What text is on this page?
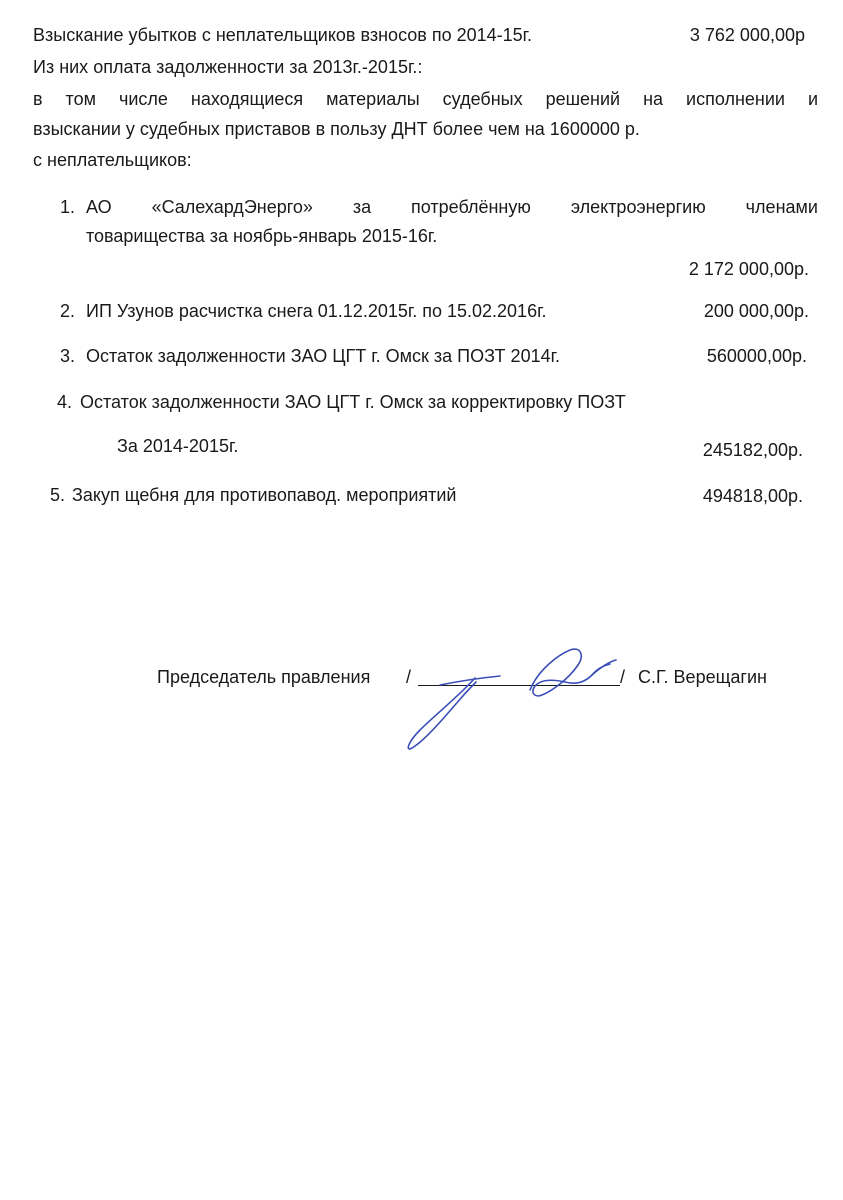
Взыскание убытков с неплательщиков взносов по 2014-15г.	3 762 000,00р
Из них оплата задолженности за 2013г.-2015г.:
в том числе находящиеся материалы судебных решений на исполнении и
взыскании у судебных приставов в пользу ДНТ более чем на 1600000 р.
с неплательщиков:
1. АО «СалехардЭнерго» за потреблённую электроэнергию членами
товарищества за ноябрь-январь 2015-16г.
2 172 000,00р.
2. ИП Узунов расчистка снега 01.12.2015г. по 15.02.2016г.	200 000,00р.
3. Остаток задолженности ЗАО ЦГТ г. Омск за ПОЗТ 2014г.	560000,00р.
4. Остаток задолженности ЗАО ЦГТ г. Омск за корректировку ПОЗТ
За 2014-2015г.	245182,00р.
5. Закуп щебня для противопавод. мероприятий	494818,00р.
Председатель правления /	/ С.Г. Верещагин
